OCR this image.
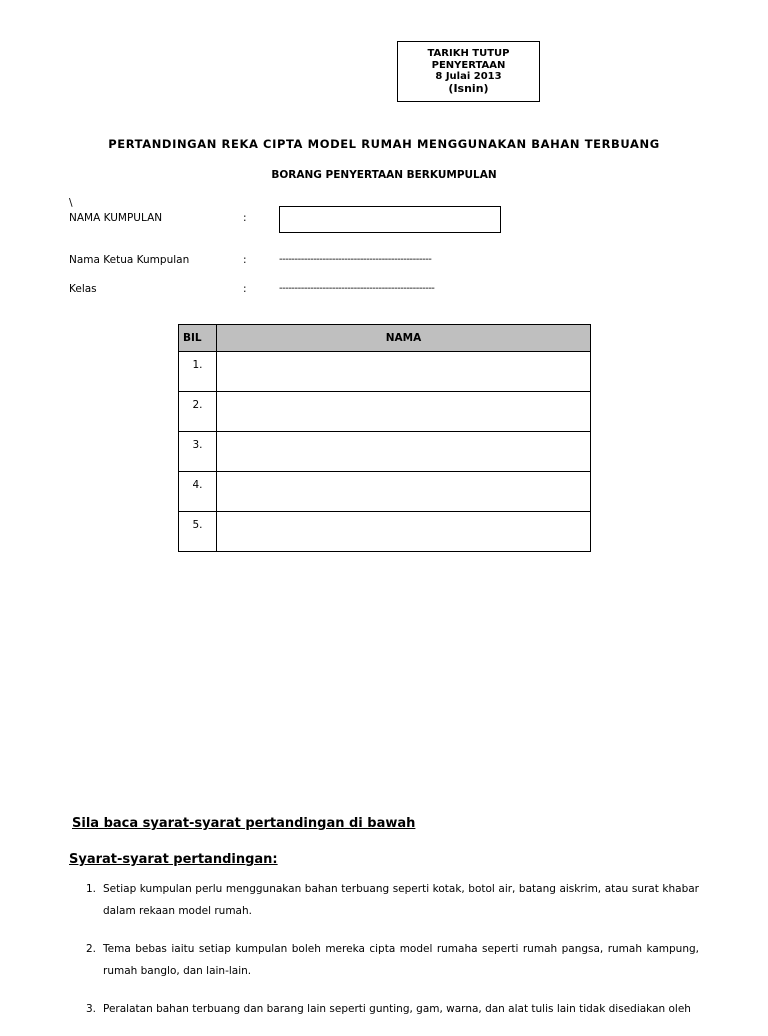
TARIKH TUTUP
PENYERTAAN
8 Julai 2013
(Isnin)
PERTANDINGAN REKA CIPTA MODEL RUMAH MENGGUNAKAN BAHAN TERBUANG
BORANG PENYERTAAN BERKUMPULAN
\
NAMA KUMPULAN	:
Nama Ketua Kumpulan	:	-------------------------------------------------
Kelas	:	--------------------------------------------------
BIL	NAMA
1.	
2.	
3.	
4.	
5.	
Sila baca syarat-syarat pertandingan di bawah
Syarat-syarat pertandingan:
1. Setiap kumpulan perlu menggunakan bahan terbuang seperti kotak, botol air, batang aiskrim, atau surat khabar dalam rekaan model rumah.
2. Tema bebas iaitu setiap kumpulan boleh mereka cipta model rumaha seperti rumah pangsa, rumah kampung, rumah banglo, dan lain-lain.
3. Peralatan bahan terbuang dan barang lain seperti gunting, gam, warna, dan alat tulis lain tidak disediakan oleh
